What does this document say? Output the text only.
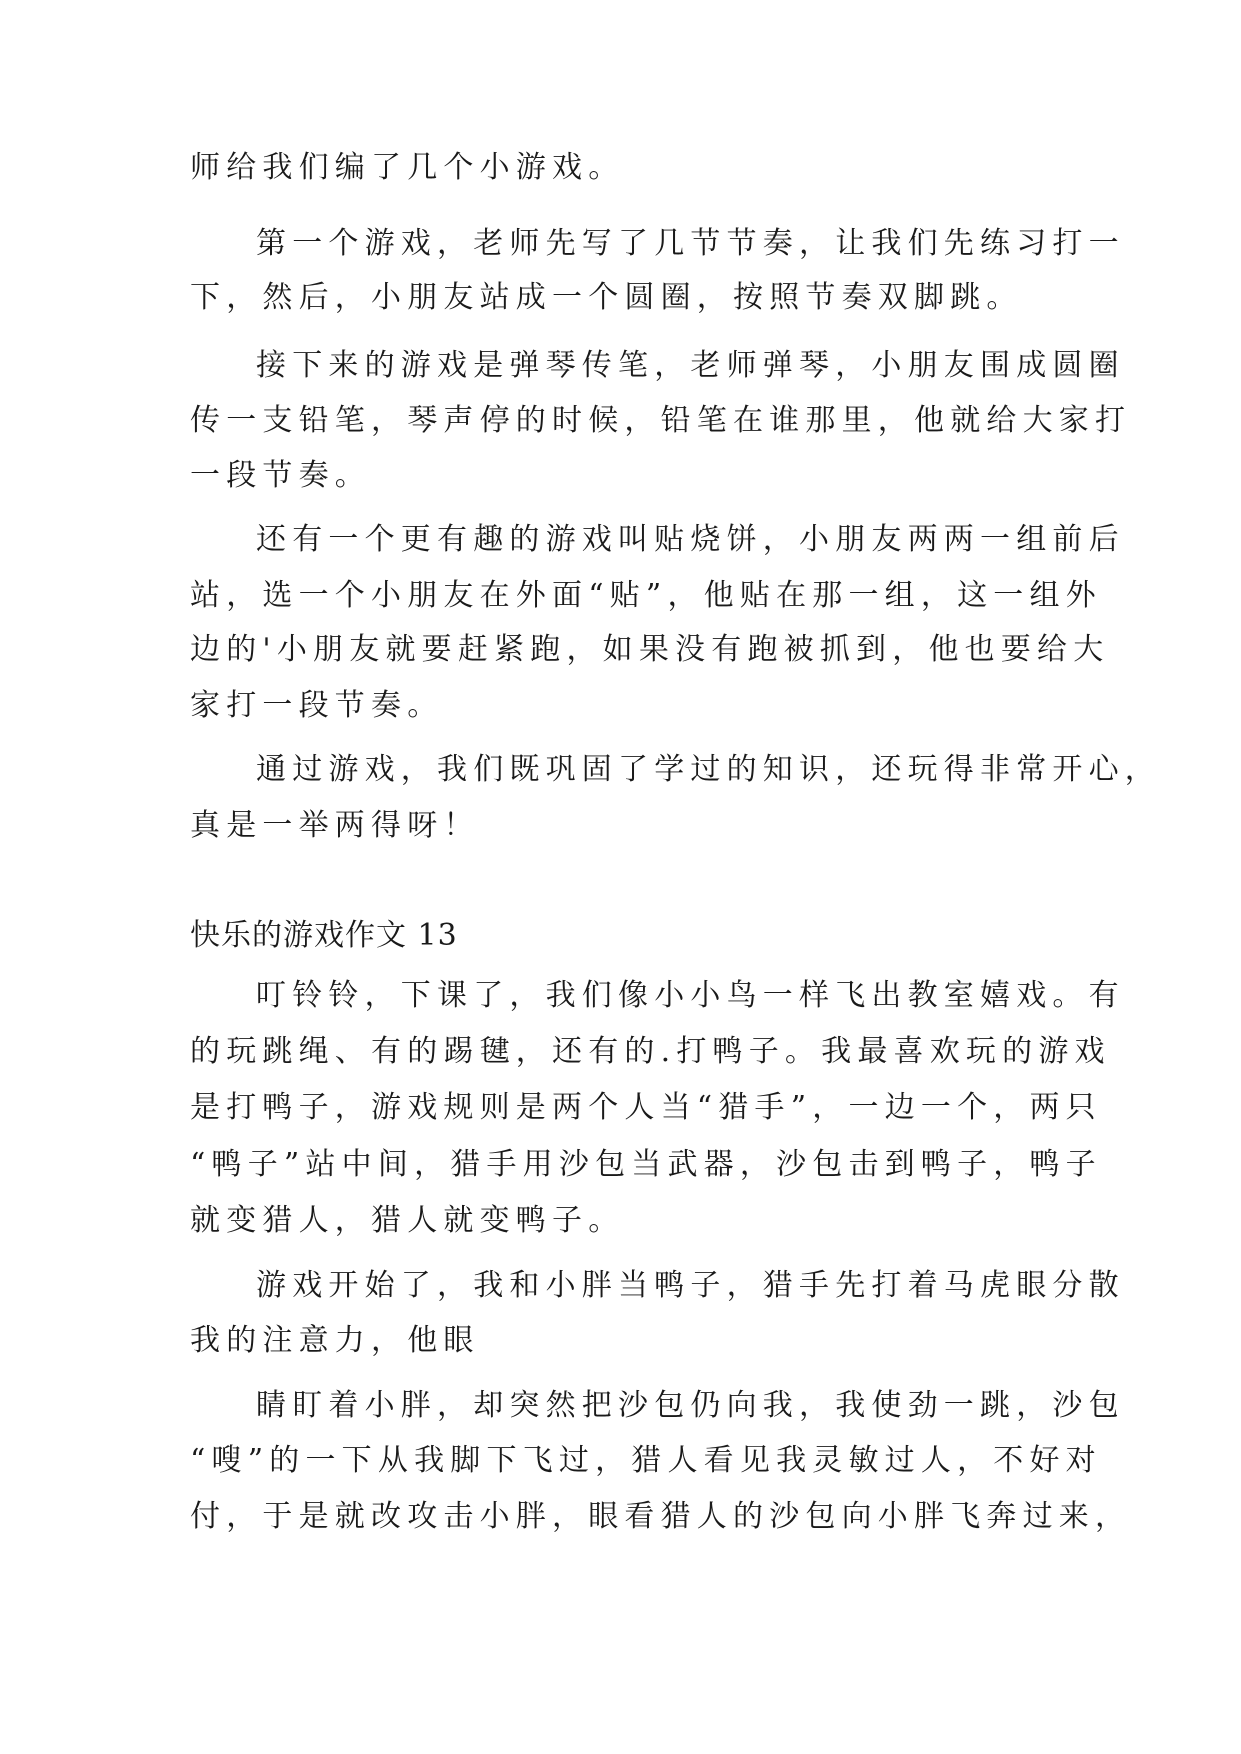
师给我们编了几个小游戏。
第一个游戏，老师先写了几节节奏，让我们先练习打一
下，然后，小朋友站成一个圆圈，按照节奏双脚跳。
接下来的游戏是弹琴传笔，老师弹琴，小朋友围成圆圈
传一支铅笔，琴声停的时候，铅笔在谁那里，他就给大家打
一段节奏。
还有一个更有趣的游戏叫贴烧饼，小朋友两两一组前后
站，选一个小朋友在外面“贴”，他贴在那一组，这一组外
边的'小朋友就要赶紧跑，如果没有跑被抓到，他也要给大
家打一段节奏。
通过游戏，我们既巩固了学过的知识，还玩得非常开心，
真是一举两得呀！
快乐的游戏作文 13
叮铃铃，下课了，我们像小小鸟一样飞出教室嬉戏。有
的玩跳绳、有的踢毽，还有的.打鸭子。我最喜欢玩的游戏
是打鸭子，游戏规则是两个人当“猎手”，一边一个，两只
“鸭子”站中间，猎手用沙包当武器，沙包击到鸭子，鸭子
就变猎人，猎人就变鸭子。
游戏开始了，我和小胖当鸭子，猎手先打着马虎眼分散
我的注意力，他眼
睛盯着小胖，却突然把沙包仍向我，我使劲一跳，沙包
“嗖”的一下从我脚下飞过，猎人看见我灵敏过人，不好对
付，于是就改攻击小胖，眼看猎人的沙包向小胖飞奔过来，
